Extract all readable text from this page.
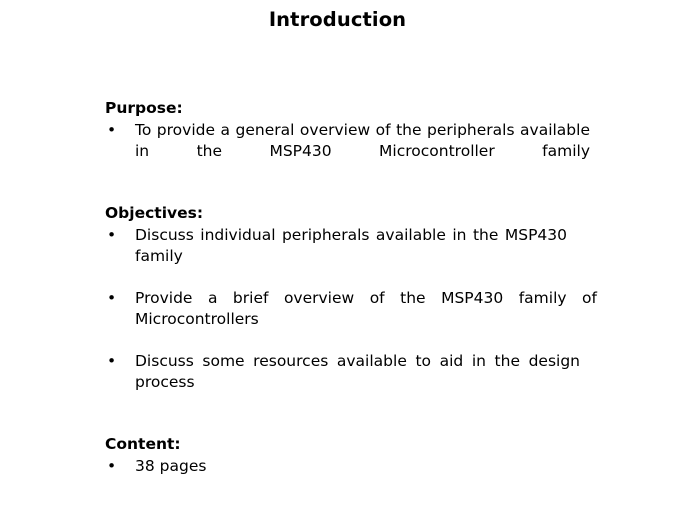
Introduction
Purpose:
• To provide a general overview of the peripherals available in the MSP430 Microcontroller family
Objectives:
• Discuss individual peripherals available in the MSP430 family
• Provide a brief overview of the MSP430 family of Microcontrollers
• Discuss some resources available to aid in the design process
Content:
• 38 pages
